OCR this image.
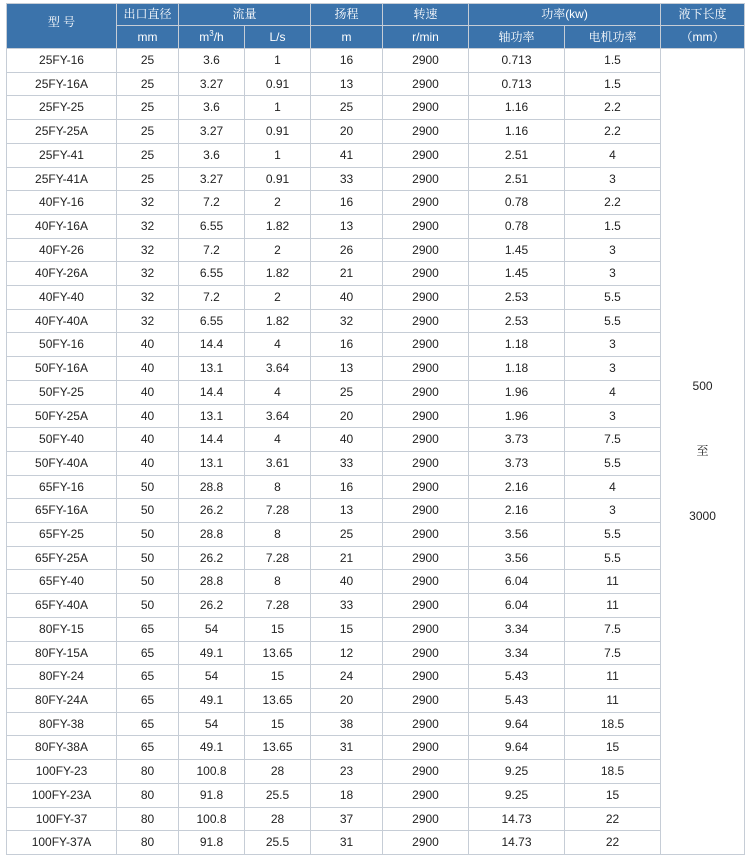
型 号	出口直径	流量		扬程	转速	功率(kw)		液下长度
	mm	$m^3/h$	L/s	m	r/min	轴功率	电机功率	（mm）
25FY-16	25	3.6	1	16	2900	0.713	1.5	500
至
3000

25FY-16A	25	3.27	0.91	13	2900	0.713	1.5	
25FY-25	25	3.6	1	25	2900	1.16	2.2	
25FY-25A	25	3.27	0.91	20	2900	1.16	2.2	
25FY-41	25	3.6	1	41	2900	2.51	4	
25FY-41A	25	3.27	0.91	33	2900	2.51	3	
40FY-16	32	7.2	2	16	2900	0.78	2.2	
40FY-16A	32	6.55	1.82	13	2900	0.78	1.5	
40FY-26	32	7.2	2	26	2900	1.45	3	
40FY-26A	32	6.55	1.82	21	2900	1.45	3	
40FY-40	32	7.2	2	40	2900	2.53	5.5	
40FY-40A	32	6.55	1.82	32	2900	2.53	5.5	
50FY-16	40	14.4	4	16	2900	1.18	3	
50FY-16A	40	13.1	3.64	13	2900	1.18	3	
50FY-25	40	14.4	4	25	2900	1.96	4	
50FY-25A	40	13.1	3.64	20	2900	1.96	3	
50FY-40	40	14.4	4	40	2900	3.73	7.5	
50FY-40A	40	13.1	3.61	33	2900	3.73	5.5	
65FY-16	50	28.8	8	16	2900	2.16	4	
65FY-16A	50	26.2	7.28	13	2900	2.16	3	
65FY-25	50	28.8	8	25	2900	3.56	5.5	
65FY-25A	50	26.2	7.28	21	2900	3.56	5.5	
65FY-40	50	28.8	8	40	2900	6.04	11	
65FY-40A	50	26.2	7.28	33	2900	6.04	11	
80FY-15	65	54	15	15	2900	3.34	7.5	
80FY-15A	65	49.1	13.65	12	2900	3.34	7.5	
80FY-24	65	54	15	24	2900	5.43	11	
80FY-24A	65	49.1	13.65	20	2900	5.43	11	
80FY-38	65	54	15	38	2900	9.64	18.5	
80FY-38A	65	49.1	13.65	31	2900	9.64	15	
100FY-23	80	100.8	28	23	2900	9.25	18.5	
100FY-23A	80	91.8	25.5	18	2900	9.25	15	
100FY-37	80	100.8	28	37	2900	14.73	22	
100FY-37A	80	91.8	25.5	31	2900	14.73	22	
